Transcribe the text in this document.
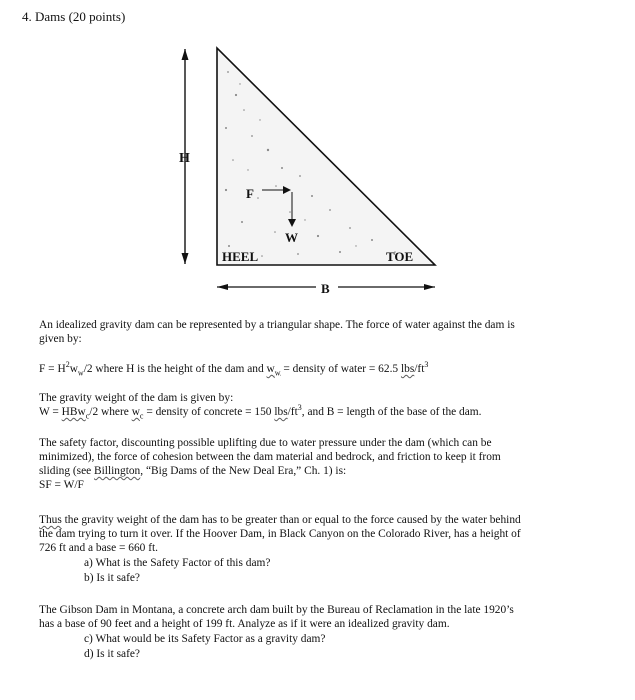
4. Dams (20 points)
H
F
W
HEEL	TOE
B
An idealized gravity dam can be represented by a triangular shape. The force of water against the dam is
given by:
$F = H^2w_w/2$ where H is the height of the dam and $w_w$ = density of water = 62.5 lbs/$ft^3$
The gravity weight of the dam is given by:
W = HBw$_c$/2 where $w_c$ = density of concrete = 150 lbs/$ft^3$, and B = length of the base of the dam.
The safety factor, discounting possible uplifting due to water pressure under the dam (which can be
minimized), the force of cohesion between the dam material and bedrock, and friction to keep it from
sliding (see Billington, “Big Dams of the New Deal Era,” Ch. 1) is:
SF = W/F
Thus the gravity weight of the dam has to be greater than or equal to the force caused by the water behind
the dam trying to turn it over. If the Hoover Dam, in Black Canyon on the Colorado River, has a height of
726 ft and a base = 660 ft.
a) What is the Safety Factor of this dam?
b) Is it safe?
The Gibson Dam in Montana, a concrete arch dam built by the Bureau of Reclamation in the late 1920’s
has a base of 90 feet and a height of 199 ft. Analyze as if it were an idealized gravity dam.
c) What would be its Safety Factor as a gravity dam?
d) Is it safe?
